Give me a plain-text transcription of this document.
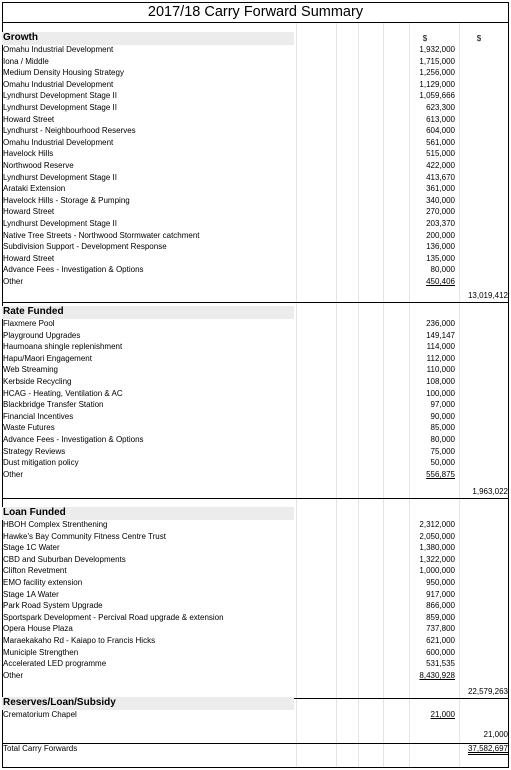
2017/18 Carry Forward Summary
$	$
Growth
Omahu Industrial Development	1,932,000
Iona / Middle	1,715,000
Medium Density Housing Strategy	1,256,000
Omahu Industrial Development	1,129,000
Lyndhurst Development Stage II	1,059,666
Lyndhurst Development Stage II	623,300
Howard Street	613,000
Lyndhurst - Neighbourhood Reserves	604,000
Omahu Industrial Development	561,000
Havelock Hills	515,000
Northwood Reserve	422,000
Lyndhurst Development Stage II	413,670
Arataki Extension	361,000
Havelock Hills - Storage & Pumping	340,000
Howard Street	270,000
Lyndhurst Development Stage II	203,370
Native Tree Streets - Northwood Stormwater catchment	200,000
Subdivision Support - Development Response	136,000
Howard Street	135,000
Advance Fees - Investigation & Options	80,000
Other	450,406
13,019,412
Rate Funded
Flaxmere Pool	236,000
Playground Upgrades	149,147
Haumoana shingle replenishment	114,000
Hapu/Maori Engagement	112,000
Web Streaming	110,000
Kerbside Recycling	108,000
HCAG - Heating, Ventilation & AC	100,000
Blackbridge Transfer Station	97,000
Financial Incentives	90,000
Waste Futures	85,000
Advance Fees - Investigation & Options	80,000
Strategy Reviews	75,000
Dust mitigation policy	50,000
Other	556,875
1,963,022
Loan Funded
HBOH Complex Strenthening	2,312,000
Hawke's Bay Community Fitness Centre Trust	2,050,000
Stage 1C Water	1,380,000
CBD and Suburban Developments	1,322,000
Clifton Revetment	1,000,000
EMO facility extension	950,000
Stage 1A Water	917,000
Park Road System Upgrade	866,000
Sportspark Development - Percival Road upgrade & extension	859,000
Opera House Plaza	737,800
Maraekakaho Rd - Kaiapo to Francis Hicks	621,000
Municiple Strengthen	600,000
Accelerated LED programme	531,535
Other	8,430,928
22,579,263
Reserves/Loan/Subsidy
Crematorium Chapel	21,000
21,000
Total Carry Forwards	37,582,697
